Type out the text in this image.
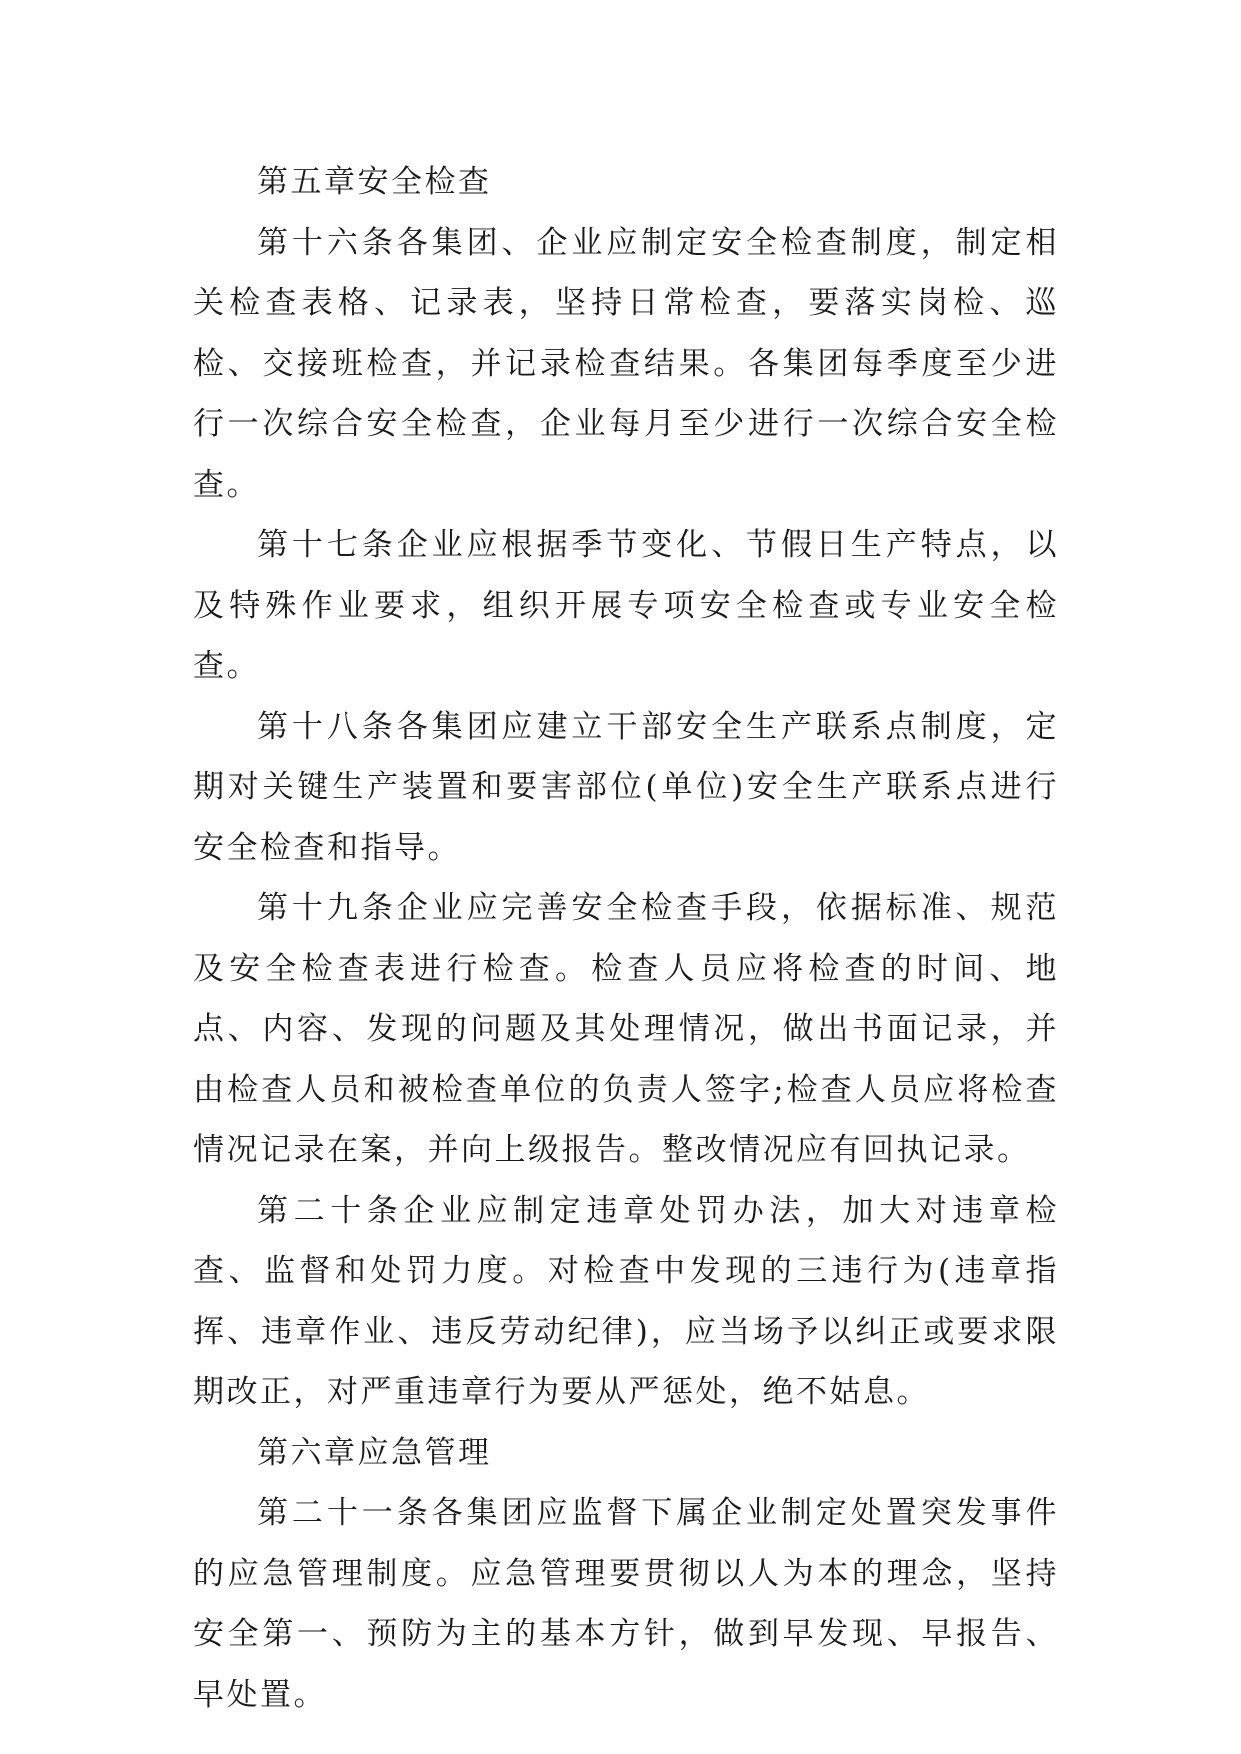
第五章安全检查

第十六条各集团、企业应制定安全检查制度，制定相关检查表格、记录表，坚持日常检查，要落实岗检、巡检、交接班检查，并记录检查结果。各集团每季度至少进行一次综合安全检查，企业每月至少进行一次综合安全检查。

第十七条企业应根据季节变化、节假日生产特点，以及特殊作业要求，组织开展专项安全检查或专业安全检查。

第十八条各集团应建立干部安全生产联系点制度，定期对关键生产装置和要害部位(单位)安全生产联系点进行安全检查和指导。

第十九条企业应完善安全检查手段，依据标准、规范及安全检查表进行检查。检查人员应将检查的时间、地点、内容、发现的问题及其处理情况，做出书面记录，并由检查人员和被检查单位的负责人签字;检查人员应将检查情况记录在案，并向上级报告。整改情况应有回执记录。

第二十条企业应制定违章处罚办法，加大对违章检查、监督和处罚力度。对检查中发现的三违行为(违章指挥、违章作业、违反劳动纪律)，应当场予以纠正或要求限期改正，对严重违章行为要从严惩处，绝不姑息。

第六章应急管理

第二十一条各集团应监督下属企业制定处置突发事件的应急管理制度。应急管理要贯彻以人为本的理念，坚持安全第一、预防为主的基本方针，做到早发现、早报告、早处置。
